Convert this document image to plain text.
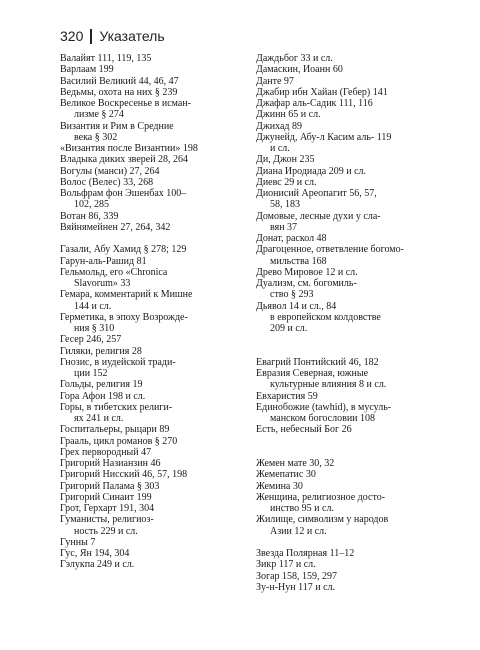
320 Указатель
Валайят 111, 119, 135
Варлаам 199
Василий Великий 44, 46, 47
Ведьмы, охота на них § 239
Великое Воскресенье в исман-
лизме § 274
Византия и Рим в Средние
века § 302
«Византия после Византии» 198
Владыка диких зверей 28, 264
Вогулы (манси) 27, 264
Волос (Велес) 33, 268
Вольфрам фон Эшенбах 100–
102, 285
Вотан 86, 339
Вяйнямейнен 27, 264, 342
Газали, Абу Хамид § 278; 129
Гарун-аль-Рашид 81
Гельмольд, его «Chronica
Slavorum» 33
Гемара, комментарий к Мишне
144 и сл.
Герметика, в эпоху Возрожде-
ния § 310
Гесер 246, 257
Гиляки, религия 28
Гнозис, в иудейской тради-
ции 152
Гольды, религия 19
Гора Афон 198 и сл.
Горы, в тибетских религи-
ях 241 и сл.
Госпитальеры, рыцари 89
Грааль, цикл романов § 270
Грех первородный 47
Григорий Назианзин 46
Григорий Нисский 46, 57, 198
Григорий Палама § 303
Григорий Синаит 199
Грот, Герхарт 191, 304
Гуманисты, религиоз-
ность 229 и сл.
Гунны 7
Гус, Ян 194, 304
Гэлукпа 249 и сл.
Даждьбог 33 и сл.
Дамаскин, Иоанн 60
Данте 97
Джабир ибн Хайан (Гебер) 141
Джафар аль-Садик 111, 116
Джинн 65 и сл.
Джихад 89
Джунейд, Абу-л Касим аль- 119
и сл.
Ди, Джон 235
Диана Иродиада 209 и сл.
Диевс 29 и сл.
Дионисий Ареопагит 56, 57,
58, 183
Домовые, лесные духи у сла-
вян 37
Донат, раскол 48
Драгоценное, ответвление богомо-
мильства 168
Древо Мировое 12 и сл.
Дуализм, см. богомиль-
ство § 293
Дьявол 14 и сл., 84
в европейском колдовстве
209 и сл.
Евагрий Понтийский 46, 182
Евразия Северная, южные
культурные влияния 8 и сл.
Евхаристия 59
Единобожие (tawhid), в мусуль-
манском богословии 108
Есть, небесный Бог 26
Жемен мате 30, 32
Жемепатис 30
Жемина 30
Женщина, религиозное досто-
инство 95 и сл.
Жилище, символизм у народов
Азии 12 и сл.
Звезда Полярная 11–12
Зикр 117 и сл.
Зогар 158, 159, 297
Зу-н-Нун 117 и сл.
